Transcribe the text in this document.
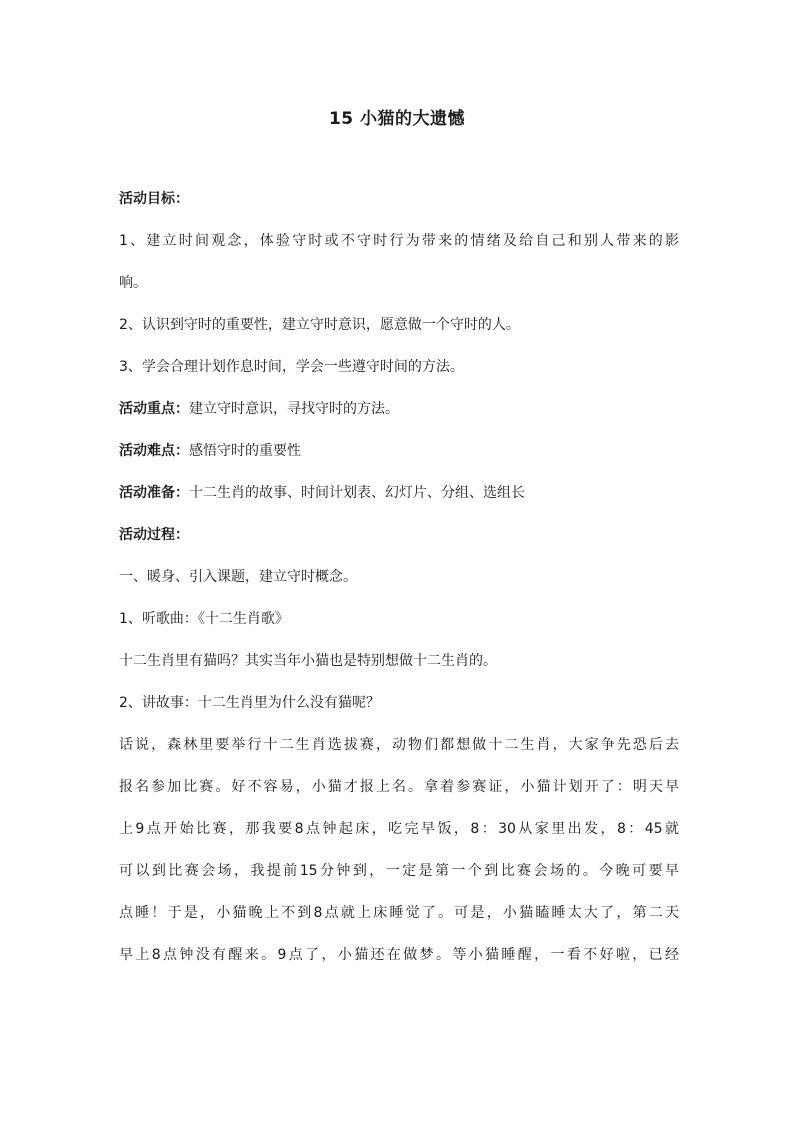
15 小猫的大遗憾
活动目标：
1、建立时间观念，体验守时或不守时行为带来的情绪及给自己和别人带来的影
响。
2、认识到守时的重要性，建立守时意识，愿意做一个守时的人。
3、学会合理计划作息时间，学会一些遵守时间的方法。
活动重点：建立守时意识，寻找守时的方法。
活动难点：感悟守时的重要性
活动准备：十二生肖的故事、时间计划表、幻灯片、分组、选组长
活动过程：
一、暖身、引入课题，建立守时概念。
1、听歌曲：《十二生肖歌》
十二生肖里有猫吗？其实当年小猫也是特别想做十二生肖的。
2、讲故事：十二生肖里为什么没有猫呢？
话说，森林里要举行十二生肖选拔赛，动物们都想做十二生肖，大家争先恐后去
报名参加比赛。好不容易，小猫才报上名。拿着参赛证，小猫计划开了：明天早
上9点开始比赛，那我要8点钟起床，吃完早饭，8：30从家里出发，8：45就
可以到比赛会场，我提前15分钟到，一定是第一个到比赛会场的。今晚可要早
点睡！于是，小猫晚上不到8点就上床睡觉了。可是，小猫瞌睡太大了，第二天
早上8点钟没有醒来。9点了，小猫还在做梦。等小猫睡醒，一看不好啦，已经
